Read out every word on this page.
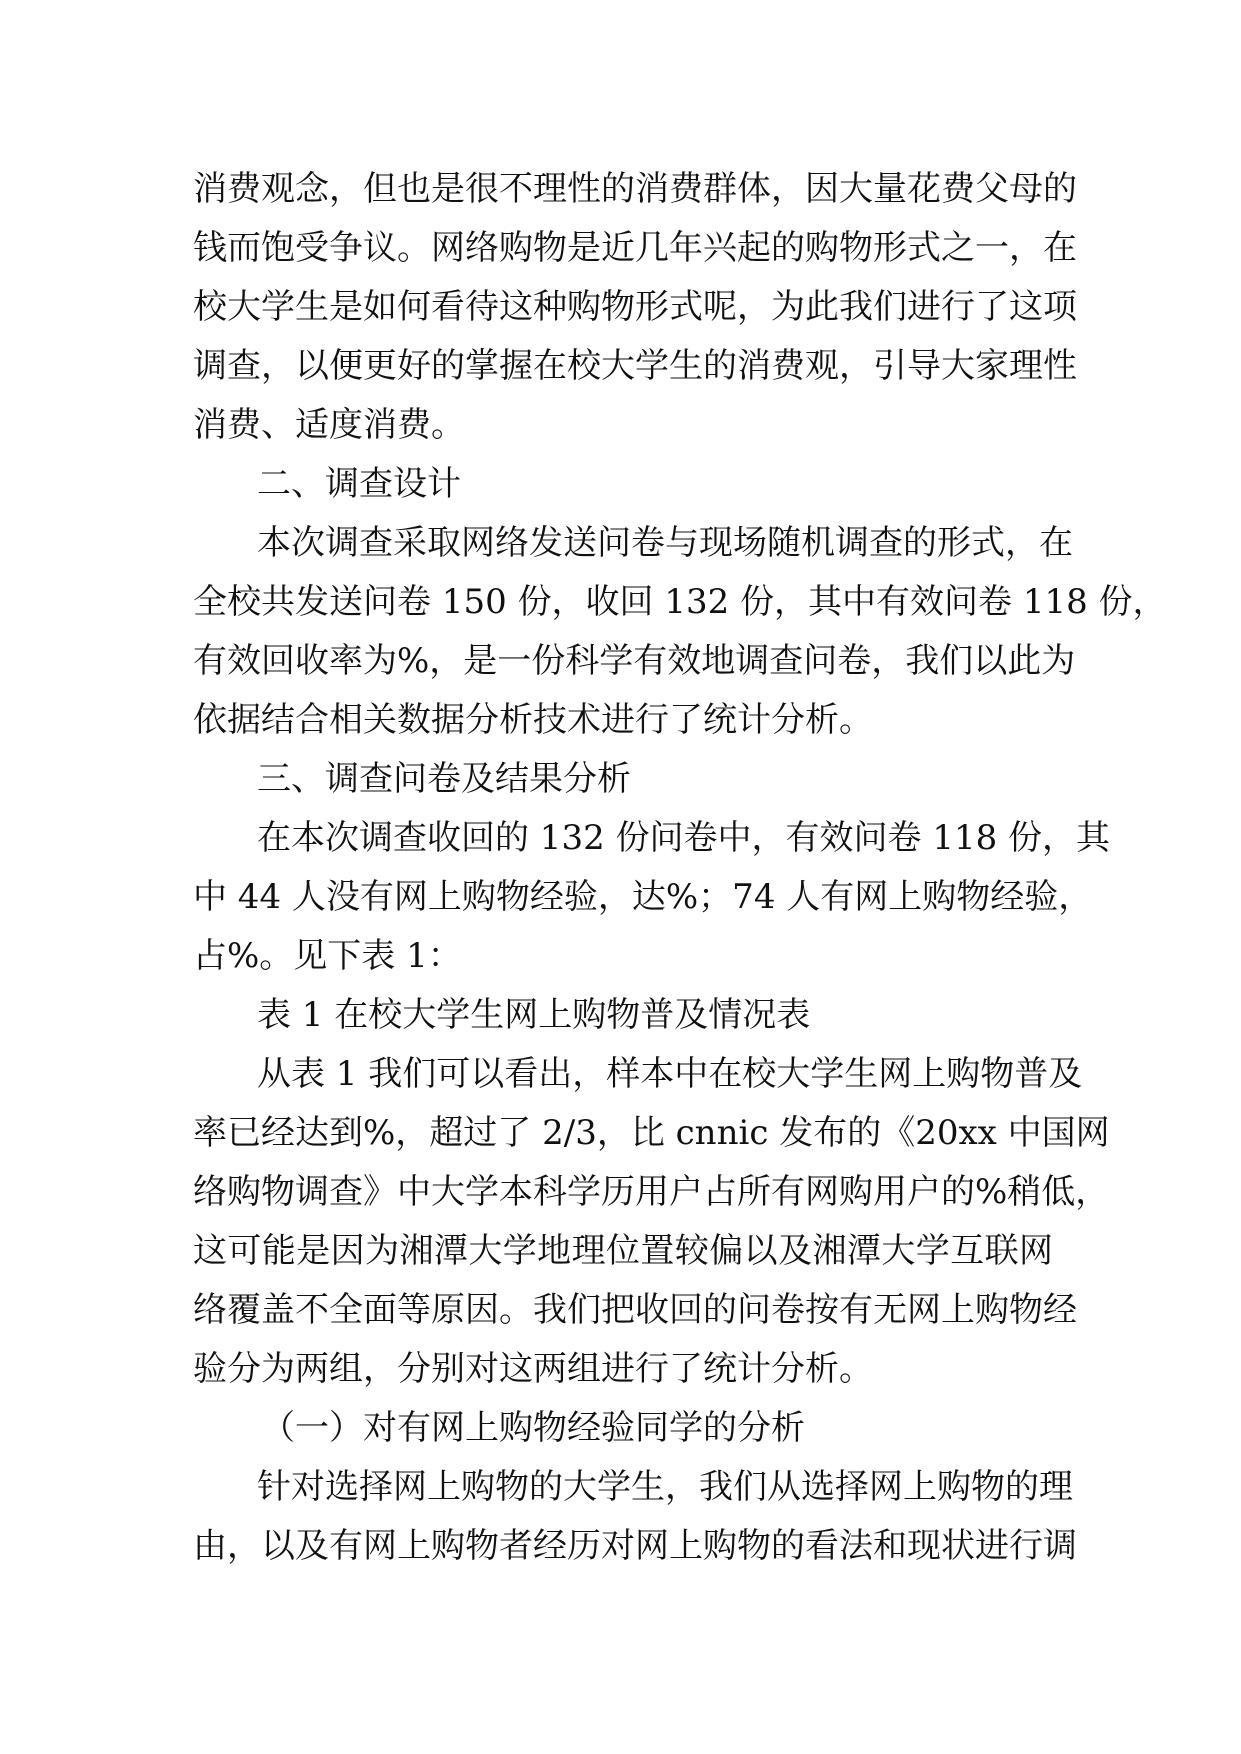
消费观念，但也是很不理性的消费群体，因大量花费父母的
钱而饱受争议。网络购物是近几年兴起的购物形式之一，在
校大学生是如何看待这种购物形式呢，为此我们进行了这项
调查，以便更好的掌握在校大学生的消费观，引导大家理性
消费、适度消费。
二、调查设计
本次调查采取网络发送问卷与现场随机调查的形式，在
全校共发送问卷 150 份，收回 132 份，其中有效问卷 118 份，
有效回收率为%，是一份科学有效地调查问卷，我们以此为
依据结合相关数据分析技术进行了统计分析。
三、调查问卷及结果分析
在本次调查收回的 132 份问卷中，有效问卷 118 份，其
中 44 人没有网上购物经验，达%；74 人有网上购物经验，
占%。见下表 1：
表 1 在校大学生网上购物普及情况表
从表 1 我们可以看出，样本中在校大学生网上购物普及
率已经达到%，超过了 2/3，比 cnnic 发布的《20xx 中国网
络购物调查》中大学本科学历用户占所有网购用户的%稍低，
这可能是因为湘潭大学地理位置较偏以及湘潭大学互联网
络覆盖不全面等原因。我们把收回的问卷按有无网上购物经
验分为两组，分别对这两组进行了统计分析。
（一）对有网上购物经验同学的分析
针对选择网上购物的大学生，我们从选择网上购物的理
由，以及有网上购物者经历对网上购物的看法和现状进行调
